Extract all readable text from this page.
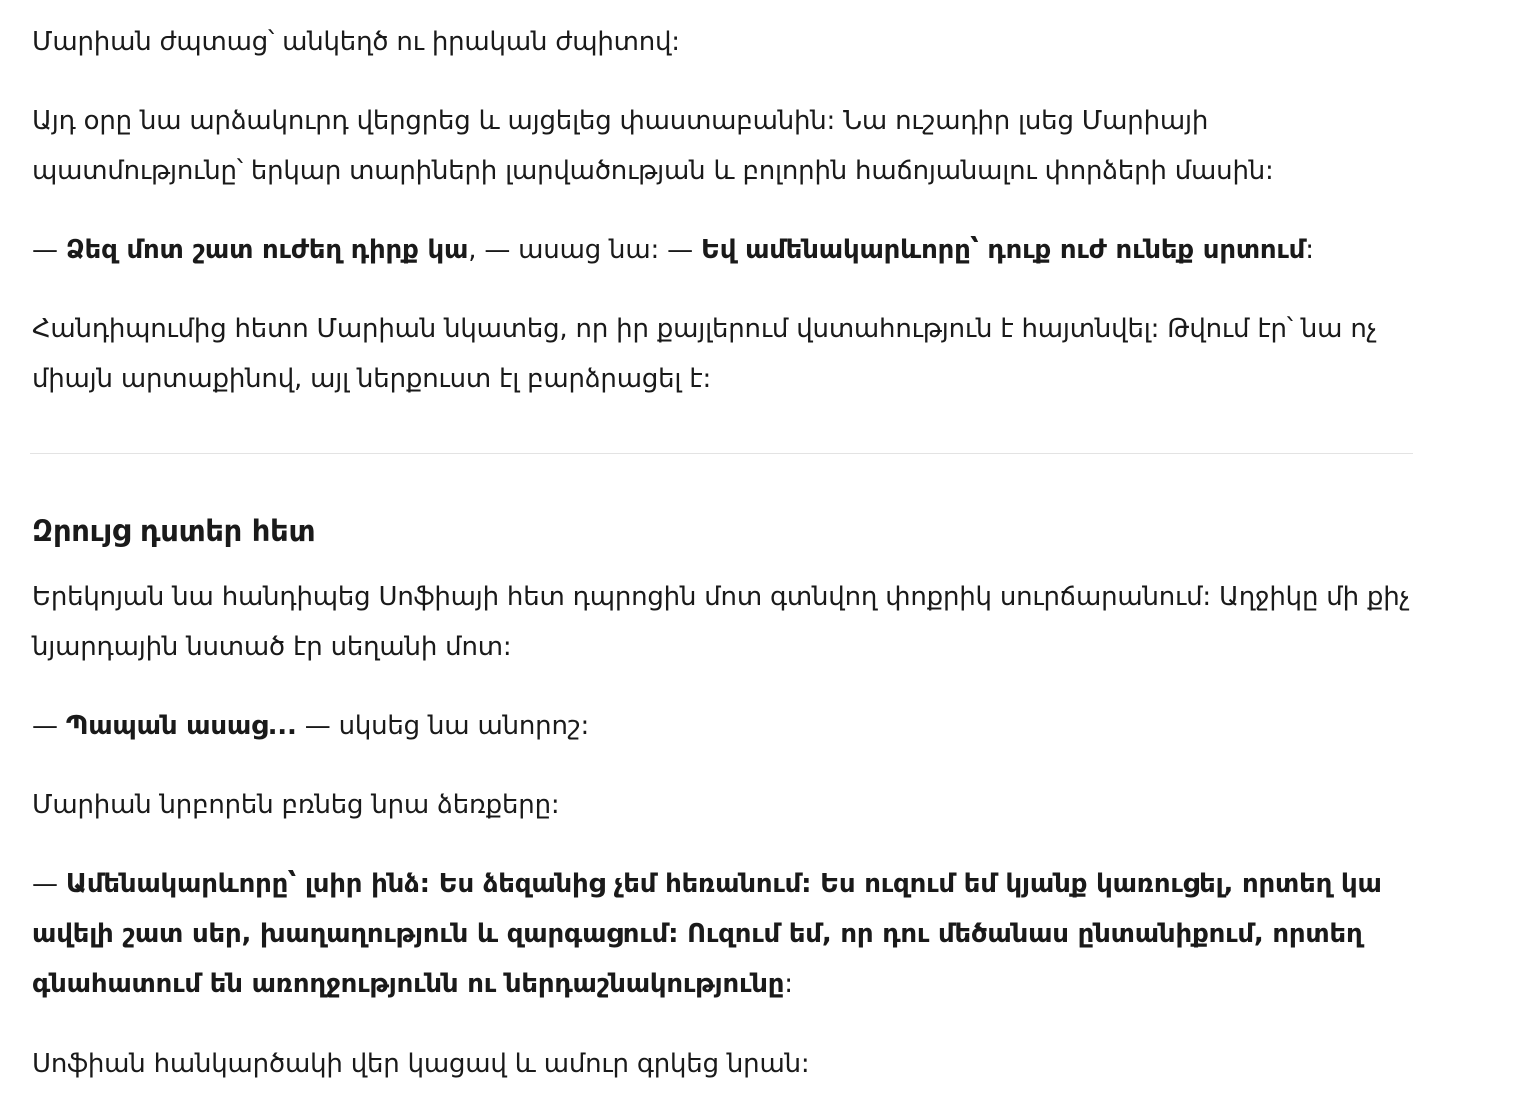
Մարիան ժպտաց՝ անկեղծ ու իրական ժպիտով:

Այդ օրը նա արձակուրդ վերցրեց և այցելեց փաստաբանին: Նա ուշադիր լսեց Մարիայի պատմությունը՝ երկար տարիների լարվածության և բոլորին հաճոյանալու փորձերի մասին:

— Ձեզ մոտ շատ ուժեղ դիրք կա, — ասաց նա: — Եվ ամենակարևորը՝ դուք ուժ ունեք սրտում:

Հանդիպումից հետո Մարիան նկատեց, որ իր քայլերում վստահություն է հայտնվել: Թվում էր՝ նա ոչ միայն արտաքինով, այլ ներքուստ էլ բարձրացել է:

Զրույց դստեր հետ

Երեկոյան նա հանդիպեց Սոֆիայի հետ դպրոցին մոտ գտնվող փոքրիկ սուրճարանում: Աղջիկը մի քիչ նյարդային նստած էր սեղանի մոտ:

— Պապան ասաց... — սկսեց նա անորոշ:

Մարիան նրբորեն բռնեց նրա ձեռքերը:

— Ամենակարևորը՝ լսիր ինձ: Ես ձեզանից չեմ հեռանում: Ես ուզում եմ կյանք կառուցել, որտեղ կա ավելի շատ սեր, խաղաղություն և զարգացում: Ուզում եմ, որ դու մեծանաս ընտանիքում, որտեղ գնահատում են առողջությունն ու ներդաշնակությունը:

Սոֆիան հանկարծակի վեր կացավ և ամուր գրկեց նրան:
